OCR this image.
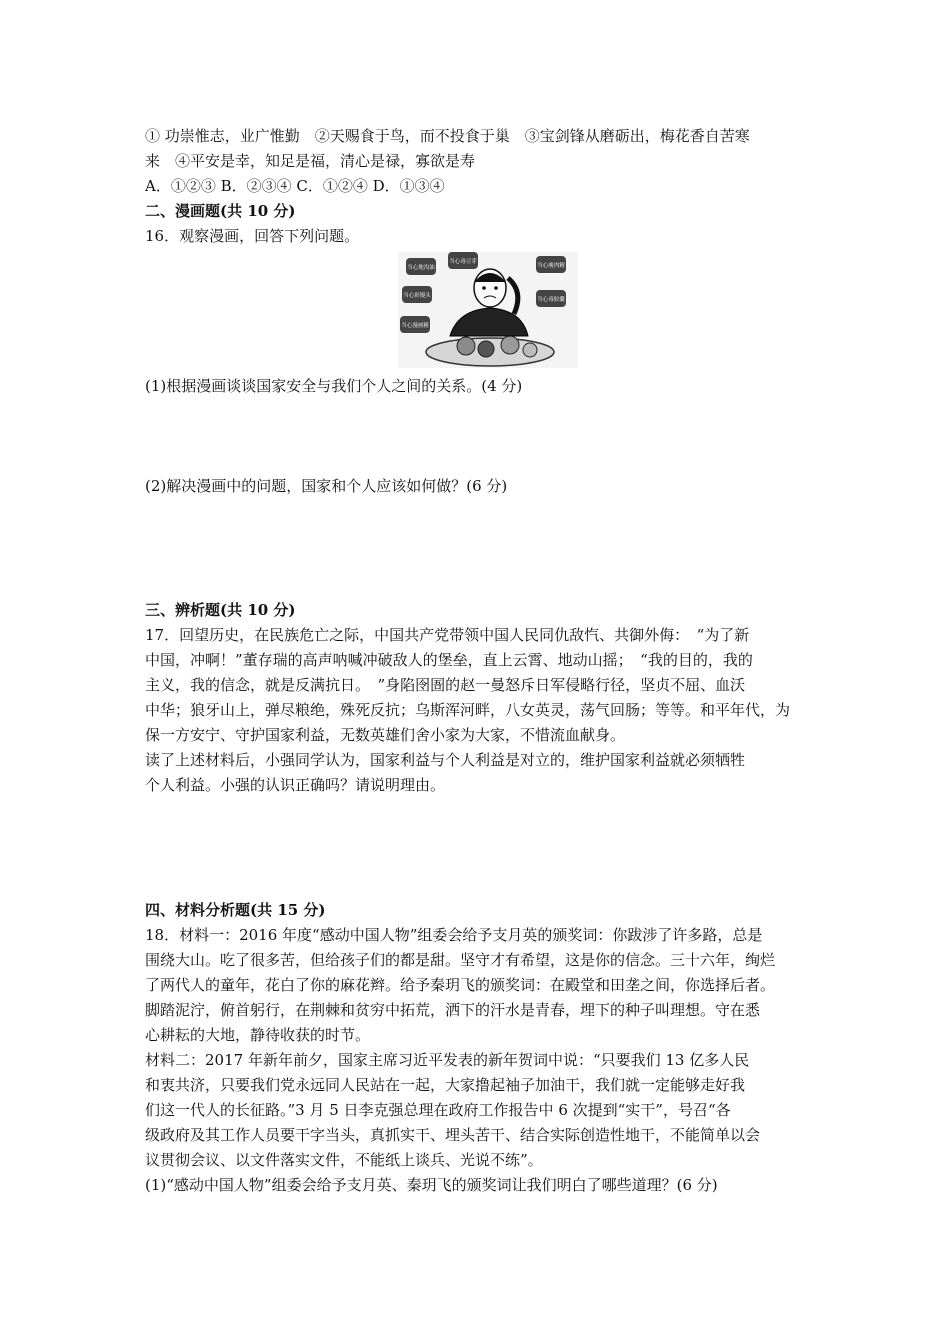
① 功崇惟志，业广惟勤　②天赐食于鸟，而不投食于巢　③宝剑锋从磨砺出，梅花香自苦寒
来　④平安是幸，知足是福，清心是禄，寡欲是寿
A．①②③ B．②③④ C．①②④ D．①③④
二、漫画题(共 10 分)
16．观察漫画，回答下列问题。
当心地沟油
当心毒豆芽
当心瘦肉精
当心彩馒头
当心毒胶囊
当心漫画精
(1)根据漫画谈谈国家安全与我们个人之间的关系。(4 分)
(2)解决漫画中的问题，国家和个人应该如何做？(6 分)
三、辨析题(共 10 分)
17．回望历史，在民族危亡之际，中国共产党带领中国人民同仇敌忾、共御外侮：　“为了新
中国，冲啊！”董存瑞的高声呐喊冲破敌人的堡垒，直上云霄、地动山摇；　“我的目的，我的
主义，我的信念，就是反满抗日。　”身陷囹圄的赵一曼怒斥日军侵略行径，坚贞不屈、血沃
中华；狼牙山上，弹尽粮绝，殊死反抗；乌斯浑河畔，八女英灵，荡气回肠；等等。和平年代，为
保一方安宁、守护国家利益，无数英雄们舍小家为大家，不惜流血献身。
读了上述材料后，小强同学认为，国家利益与个人利益是对立的，维护国家利益就必须牺牲
个人利益。小强的认识正确吗？请说明理由。
四、材料分析题(共 15 分)
18．材料一：2016 年度“感动中国人物”组委会给予支月英的颁奖词：你跋涉了许多路，总是
围绕大山。吃了很多苦，但给孩子们的都是甜。坚守才有希望，这是你的信念。三十六年，绚烂
了两代人的童年，花白了你的麻花辫。给予秦玥飞的颁奖词：在殿堂和田垄之间，你选择后者。
脚踏泥泞，俯首躬行，在荆棘和贫穷中拓荒，洒下的汗水是青春，埋下的种子叫理想。守在悉
心耕耘的大地，静待收获的时节。
材料二：2017 年新年前夕，国家主席习近平发表的新年贺词中说：“只要我们 13 亿多人民
和衷共济，只要我们党永远同人民站在一起，大家撸起袖子加油干，我们就一定能够走好我
们这一代人的长征路。”3 月 5 日李克强总理在政府工作报告中 6 次提到“实干”，号召“各
级政府及其工作人员要干字当头，真抓实干、埋头苦干、结合实际创造性地干，不能简单以会
议贯彻会议、以文件落实文件，不能纸上谈兵、光说不练”。
(1)“感动中国人物”组委会给予支月英、秦玥飞的颁奖词让我们明白了哪些道理？(6 分)
